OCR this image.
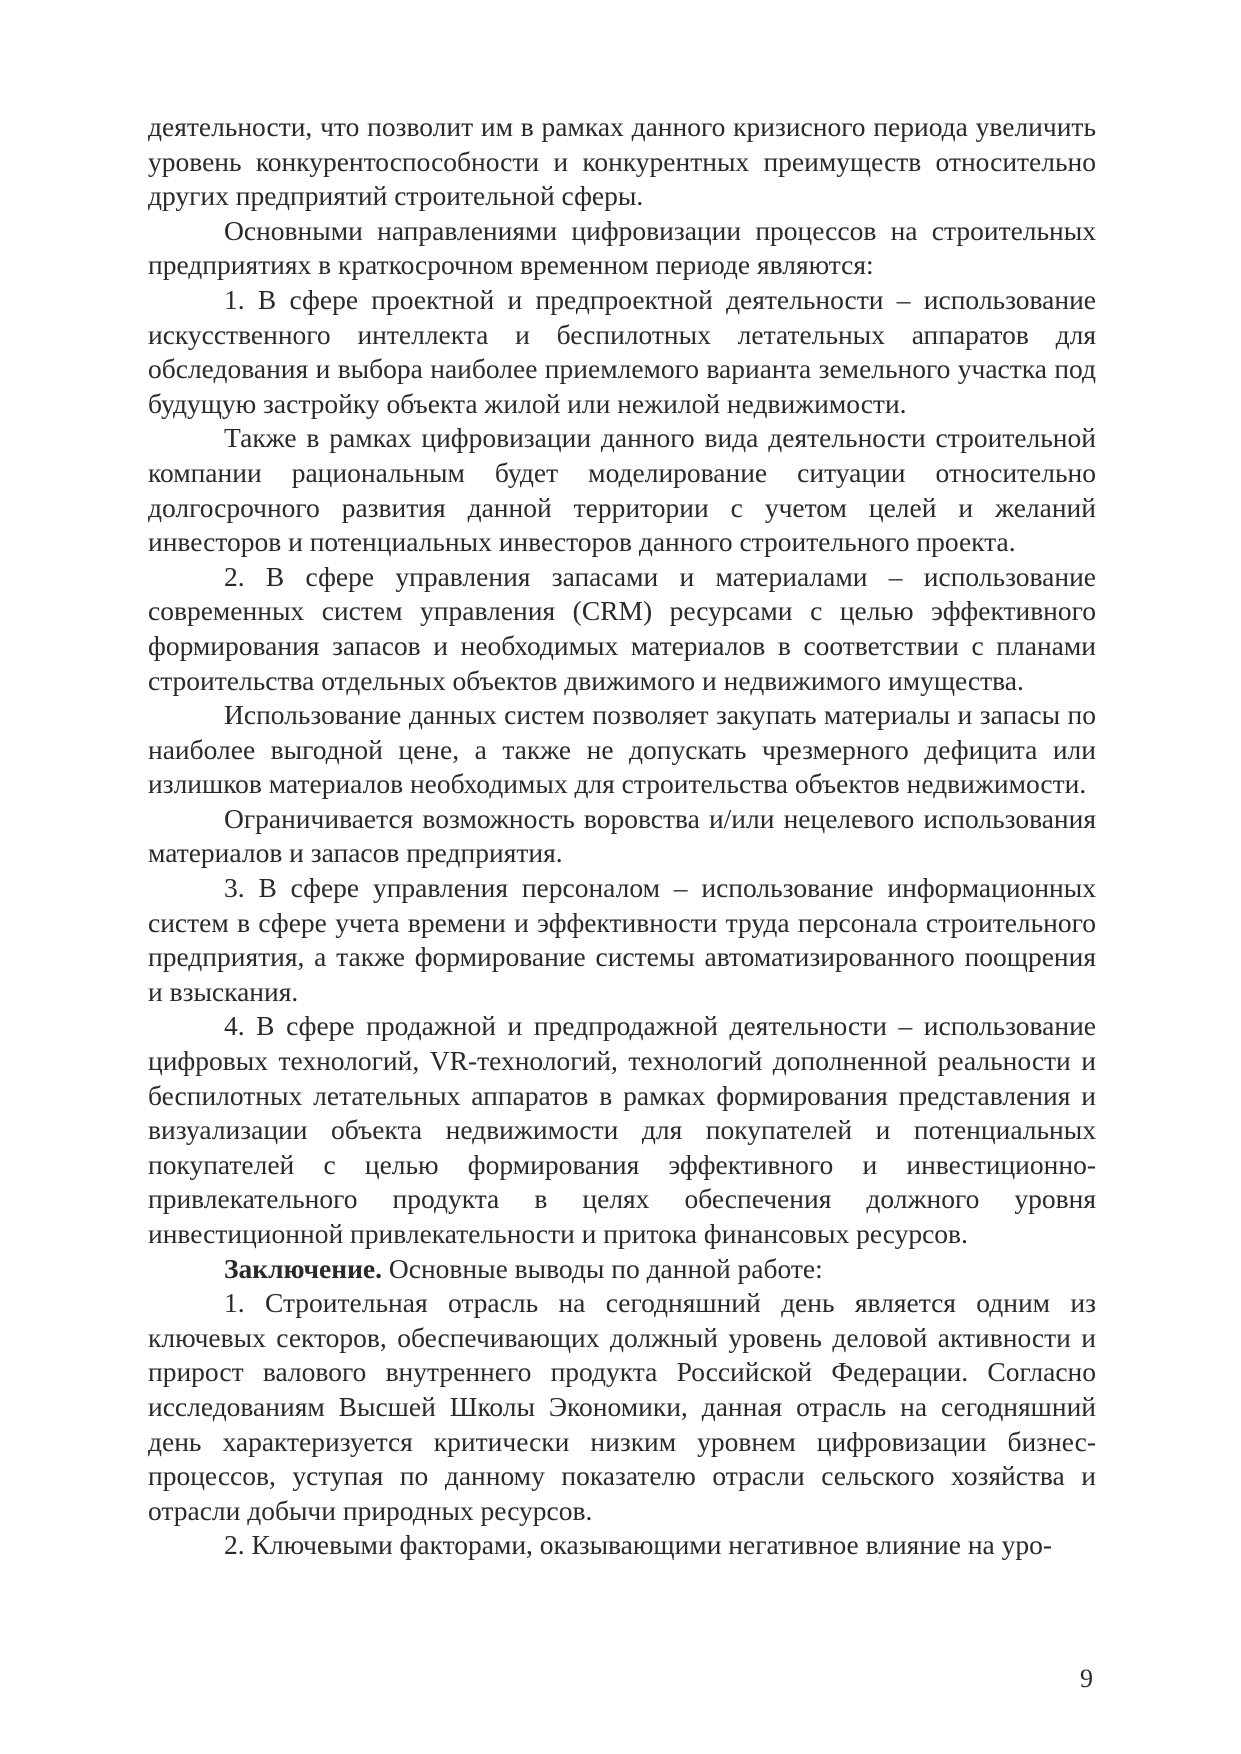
деятельности, что позволит им в рамках данного кризисного периода увеличить уровень конкурентоспособности и конкурентных преимуществ относительно других предприятий строительной сферы.

Основными направлениями цифровизации процессов на строительных предприятиях в краткосрочном временном периоде являются:

1. В сфере проектной и предпроектной деятельности – использование искусственного интеллекта и беспилотных летательных аппаратов для обследования и выбора наиболее приемлемого варианта земельного участка под будущую застройку объекта жилой или нежилой недвижимости.

Также в рамках цифровизации данного вида деятельности строительной компании рациональным будет моделирование ситуации относительно долгосрочного развития данной территории с учетом целей и желаний инвесторов и потенциальных инвесторов данного строительного проекта.

2. В сфере управления запасами и материалами – использование современных систем управления (CRM) ресурсами с целью эффективного формирования запасов и необходимых материалов в соответствии с планами строительства отдельных объектов движимого и недвижимого имущества.

Использование данных систем позволяет закупать материалы и запасы по наиболее выгодной цене, а также не допускать чрезмерного дефицита или излишков материалов необходимых для строительства объектов недвижимости.

Ограничивается возможность воровства и/или нецелевого использования материалов и запасов предприятия.

3. В сфере управления персоналом – использование информационных систем в сфере учета времени и эффективности труда персонала строительного предприятия, а также формирование системы автоматизированного поощрения и взыскания.

4. В сфере продажной и предпродажной деятельности – использование цифровых технологий, VR-технологий, технологий дополненной реальности и беспилотных летательных аппаратов в рамках формирования представления и визуализации объекта недвижимости для покупателей и потенциальных покупателей с целью формирования эффективного и инвестиционно-привлекательного продукта в целях обеспечения должного уровня инвестиционной привлекательности и притока финансовых ресурсов.

Заключение. Основные выводы по данной работе:

1. Строительная отрасль на сегодняшний день является одним из ключевых секторов, обеспечивающих должный уровень деловой активности и прирост валового внутреннего продукта Российской Федерации. Согласно исследованиям Высшей Школы Экономики, данная отрасль на сегодняшний день характеризуется критически низким уровнем цифровизации бизнес-процессов, уступая по данному показателю отрасли сельского хозяйства и отрасли добычи природных ресурсов.

2. Ключевыми факторами, оказывающими негативное влияние на уро-

9
